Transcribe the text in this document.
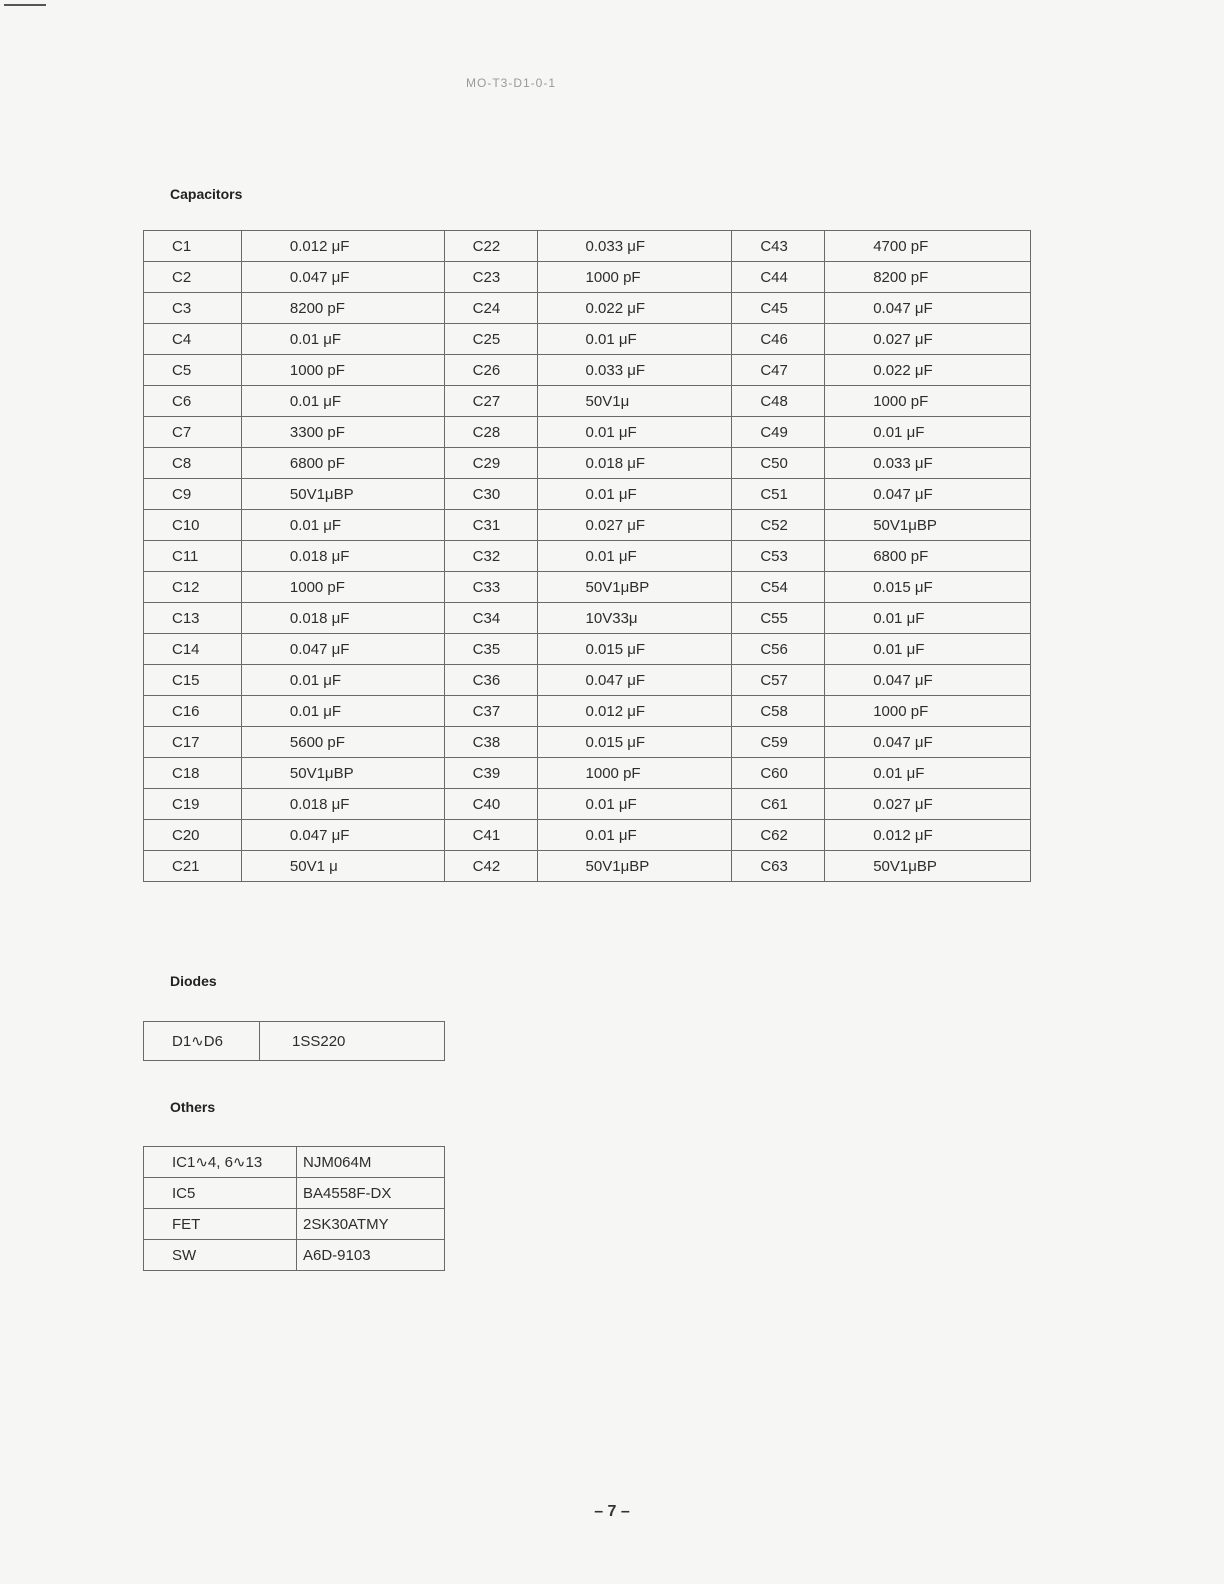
MO-T3-D1-0-1
Capacitors
C1	0.012 μF	C22	0.033 μF	C43	4700 pF
C2	0.047 μF	C23	1000 pF	C44	8200 pF
C3	8200 pF	C24	0.022 μF	C45	0.047 μF
C4	0.01 μF	C25	0.01 μF	C46	0.027 μF
C5	1000 pF	C26	0.033 μF	C47	0.022 μF
C6	0.01 μF	C27	50V1μ	C48	1000 pF
C7	3300 pF	C28	0.01 μF	C49	0.01 μF
C8	6800 pF	C29	0.018 μF	C50	0.033 μF
C9	50V1μBP	C30	0.01 μF	C51	0.047 μF
C10	0.01 μF	C31	0.027 μF	C52	50V1μBP
C11	0.018 μF	C32	0.01 μF	C53	6800 pF
C12	1000 pF	C33	50V1μBP	C54	0.015 μF
C13	0.018 μF	C34	10V33μ	C55	0.01 μF
C14	0.047 μF	C35	0.015 μF	C56	0.01 μF
C15	0.01 μF	C36	0.047 μF	C57	0.047 μF
C16	0.01 μF	C37	0.012 μF	C58	1000 pF
C17	5600 pF	C38	0.015 μF	C59	0.047 μF
C18	50V1μBP	C39	1000 pF	C60	0.01 μF
C19	0.018 μF	C40	0.01 μF	C61	0.027 μF
C20	0.047 μF	C41	0.01 μF	C62	0.012 μF
C21	50V1 μ	C42	50V1μBP	C63	50V1μBP
Diodes
D1∿D6	1SS220
Others
IC1∿4, 6∿13	NJM064M
IC5	BA4558F-DX
FET	2SK30ATMY
SW	A6D-9103
– 7 –
